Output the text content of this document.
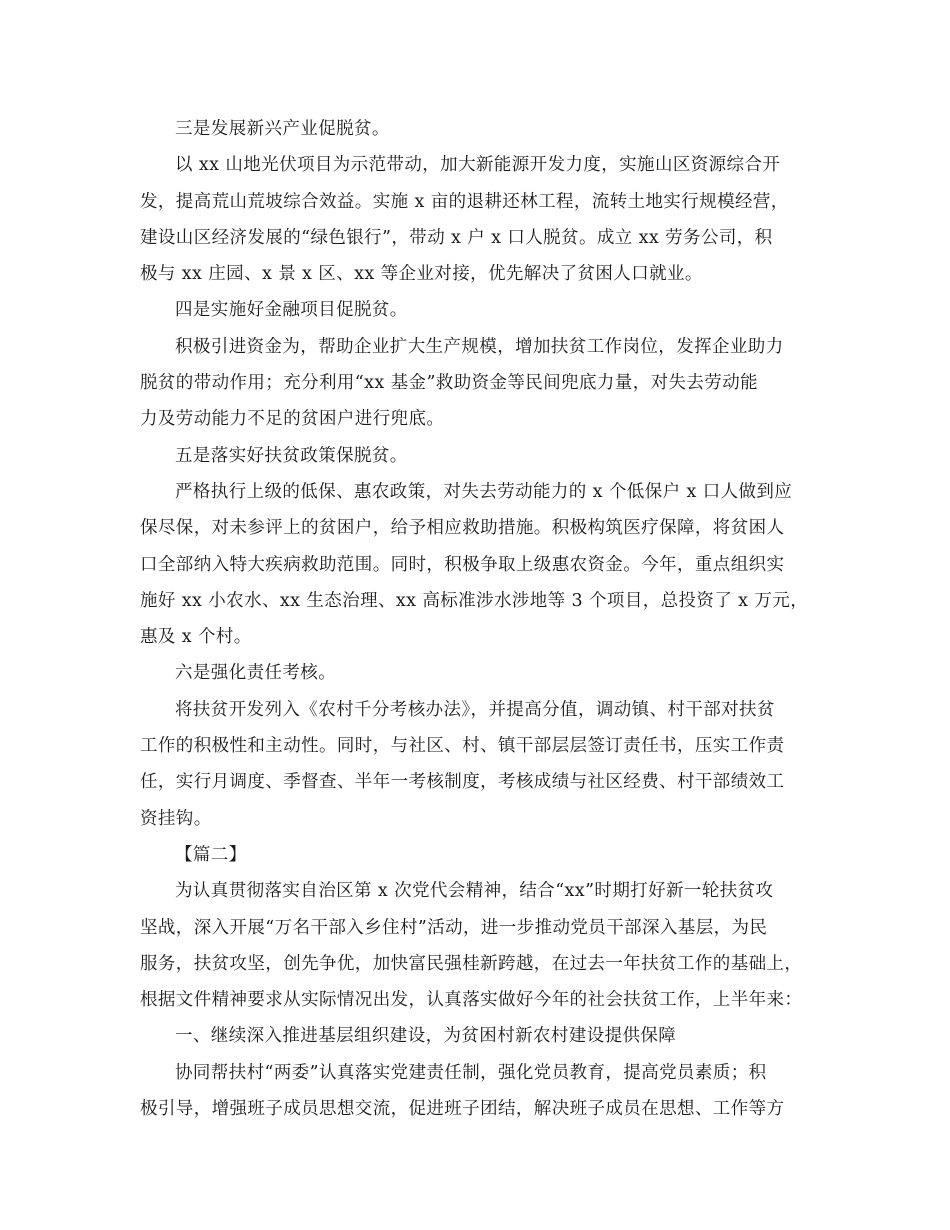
三是发展新兴产业促脱贫。
以 xx 山地光伏项目为示范带动，加大新能源开发力度，实施山区资源综合开
发，提高荒山荒坡综合效益。实施 x 亩的退耕还林工程，流转土地实行规模经营，
建设山区经济发展的“绿色银行”，带动 x 户 x 口人脱贫。成立 xx 劳务公司，积
极与 xx 庄园、x 景 x 区、xx 等企业对接，优先解决了贫困人口就业。
四是实施好金融项目促脱贫。
积极引进资金为，帮助企业扩大生产规模，增加扶贫工作岗位，发挥企业助力
脱贫的带动作用；充分利用“xx 基金”救助资金等民间兜底力量，对失去劳动能
力及劳动能力不足的贫困户进行兜底。
五是落实好扶贫政策保脱贫。
严格执行上级的低保、惠农政策，对失去劳动能力的 x 个低保户 x 口人做到应
保尽保，对未参评上的贫困户，给予相应救助措施。积极构筑医疗保障，将贫困人
口全部纳入特大疾病救助范围。同时，积极争取上级惠农资金。今年，重点组织实
施好 xx 小农水、xx 生态治理、xx 高标准涉水涉地等 3 个项目，总投资了 x 万元，
惠及 x 个村。
六是强化责任考核。
将扶贫开发列入《农村千分考核办法》，并提高分值，调动镇、村干部对扶贫
工作的积极性和主动性。同时，与社区、村、镇干部层层签订责任书，压实工作责
任，实行月调度、季督查、半年一考核制度，考核成绩与社区经费、村干部绩效工
资挂钩。
【篇二】
为认真贯彻落实自治区第 x 次党代会精神，结合“xx”时期打好新一轮扶贫攻
坚战，深入开展“万名干部入乡住村”活动，进一步推动党员干部深入基层，为民
服务，扶贫攻坚，创先争优，加快富民强桂新跨越，在过去一年扶贫工作的基础上，
根据文件精神要求从实际情况出发，认真落实做好今年的社会扶贫工作，上半年来：
一、继续深入推进基层组织建设，为贫困村新农村建设提供保障
协同帮扶村“两委”认真落实党建责任制，强化党员教育，提高党员素质；积
极引导，增强班子成员思想交流，促进班子团结，解决班子成员在思想、工作等方
